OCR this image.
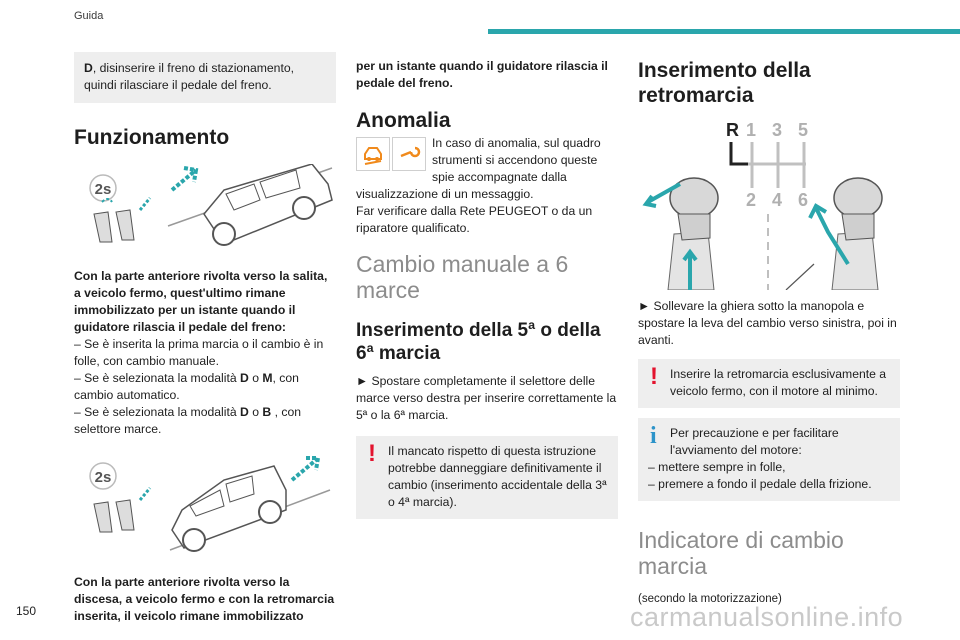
Guida

D, disinserire il freno di stazionamento, quindi rilasciare il pedale del freno.

Funzionamento
2s

Con la parte anteriore rivolta verso la salita, a veicolo fermo, quest'ultimo rimane immobilizzato per un istante quando il guidatore rilascia il pedale del freno:

– Se è inserita la prima marcia o il cambio è in folle, con cambio manuale.

– Se è selezionata la modalità D o M, con cambio automatico.

– Se è selezionata la modalità D o B , con selettore marce.

2s

Con la parte anteriore rivolta verso la discesa, a veicolo fermo e con la retromarcia inserita, il veicolo rimane immobilizzato

per un istante quando il guidatore rilascia il pedale del freno.

Anomalia

In caso di anomalia, sul quadro strumenti si accendono queste spie accompagnate dalla visualizzazione di un messaggio.

Far verificare dalla Rete PEUGEOT o da un riparatore qualificato.

Cambio manuale a 6 marce
Inserimento della 5ª o della 6ª marcia

► Spostare completamente il selettore delle marce verso destra per inserire correttamente la 5ª o la 6ª marcia.

! Il mancato rispetto di questa istruzione potrebbe danneggiare definitivamente il cambio (inserimento accidentale della 3ª o 4ª marcia).

Inserimento della retromarcia
R 1 3 5
2 4 6

► Sollevare la ghiera sotto la manopola e spostare la leva del cambio verso sinistra, poi in avanti.

! Inserire la retromarcia esclusivamente a veicolo fermo, con il motore al minimo.

i	Per precauzione e per facilitare l'avviamento del motore:

– mettere sempre in folle,

– premere a fondo il pedale della frizione.

Indicatore di cambio marcia

(secondo la motorizzazione)

150	carmanualsonline.info
